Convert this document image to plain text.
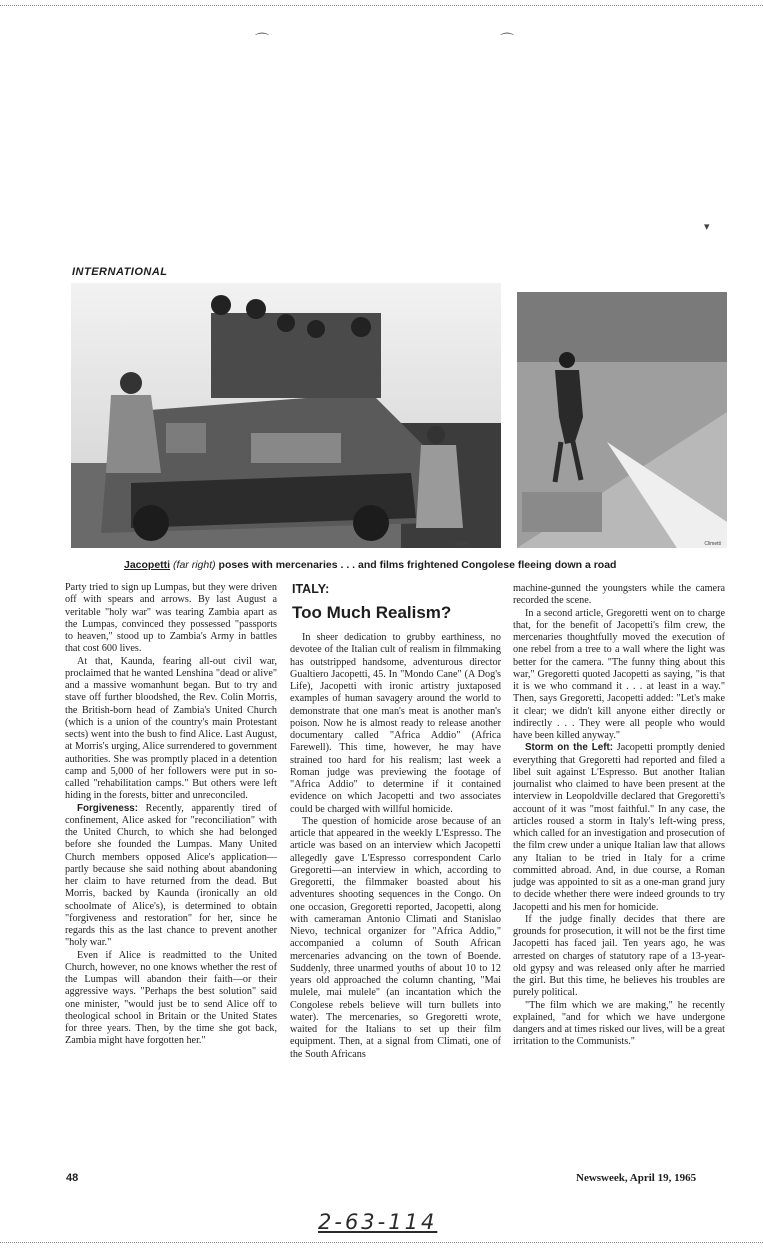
⌒	⌒
▾
INTERNATIONAL
Climetti	Climetti
Jacopetti (far right) poses with mercenaries . . . and films frightened Congolese fleeing down a road

Party tried to sign up Lumpas, but they were driven off with spears and arrows. By last August a veritable "holy war" was tearing Zambia apart as the Lumpas, convinced they possessed "passports to heaven," stood up to Zambia's Army in battles that cost 600 lives.

At that, Kaunda, fearing all-out civil war, proclaimed that he wanted Lenshina "dead or alive" and a massive womanhunt began. But to try and stave off further bloodshed, the Rev. Colin Morris, the British-born head of Zambia's United Church (which is a union of the country's main Protestant sects) went into the bush to find Alice. Last August, at Morris's urging, Alice surrendered to government authorities. She was promptly placed in a detention camp and 5,000 of her followers were put in so-called "rehabilitation camps." But others were left hiding in the forests, bitter and unreconciled.

Forgiveness: Recently, apparently tired of confinement, Alice asked for "reconciliation" with the United Church, to which she had belonged before she founded the Lumpas. Many United Church members opposed Alice's application—partly because she said nothing about abandoning her claim to have returned from the dead. But Morris, backed by Kaunda (ironically an old schoolmate of Alice's), is determined to obtain "forgiveness and restoration" for her, since he regards this as the last chance to prevent another "holy war."

Even if Alice is readmitted to the United Church, however, no one knows whether the rest of the Lumpas will abandon their faith—or their aggressive ways. "Perhaps the best solution" said one minister, "would just be to send Alice off to theological school in Britain or the United States for three years. Then, by the time she got back, Zambia might have forgotten her."

ITALY:
Too Much Realism?

In sheer dedication to grubby earthiness, no devotee of the Italian cult of realism in filmmaking has outstripped handsome, adventurous director Gualtiero Jacopetti, 45. In "Mondo Cane" (A Dog's Life), Jacopetti with ironic artistry juxtaposed examples of human savagery around the world to demonstrate that one man's meat is another man's poison. Now he is almost ready to release another documentary called "Africa Addio" (Africa Farewell). This time, however, he may have strained too hard for his realism; last week a Roman judge was previewing the footage of "Africa Addio" to determine if it contained evidence on which Jacopetti and two associates could be charged with willful homicide.

The question of homicide arose because of an article that appeared in the weekly L'Espresso. The article was based on an interview which Jacopetti allegedly gave L'Espresso correspondent Carlo Gregoretti—an interview in which, according to Gregoretti, the filmmaker boasted about his adventures shooting sequences in the Congo. On one occasion, Gregoretti reported, Jacopetti, along with cameraman Antonio Climati and Stanislao Nievo, technical organizer for "Africa Addio," accompanied a column of South African mercenaries advancing on the town of Boende. Suddenly, three unarmed youths of about 10 to 12 years old approached the column chanting, "Mai mulele, mai mulele" (an incantation which the Congolese rebels believe will turn bullets into water). The mercenaries, so Gregoretti wrote, waited for the Italians to set up their film equipment. Then, at a signal from Climati, one of the South Africans

machine-gunned the youngsters while the camera recorded the scene.

In a second article, Gregoretti went on to charge that, for the benefit of Jacopetti's film crew, the mercenaries thoughtfully moved the execution of one rebel from a tree to a wall where the light was better for the camera. "The funny thing about this war," Gregoretti quoted Jacopetti as saying, "is that it is we who command it . . . at least in a way." Then, says Gregoretti, Jacopetti added: "Let's make it clear; we didn't kill anyone either directly or indirectly . . . They were all people who would have been killed anyway."

Storm on the Left: Jacopetti promptly denied everything that Gregoretti had reported and filed a libel suit against L'Espresso. But another Italian journalist who claimed to have been present at the interview in Leopoldville declared that Gregoretti's account of it was "most faithful." In any case, the articles roused a storm in Italy's left-wing press, which called for an investigation and prosecution of the film crew under a unique Italian law that allows any Italian to be tried in Italy for a crime committed abroad. And, in due course, a Roman judge was appointed to sit as a one-man grand jury to decide whether there were indeed grounds to try Jacopetti and his men for homicide.

If the judge finally decides that there are grounds for prosecution, it will not be the first time Jacopetti has faced jail. Ten years ago, he was arrested on charges of statutory rape of a 13-year-old gypsy and was released only after he married the girl. But this time, he believes his troubles are purely political.

"The film which we are making," he recently explained, "and for which we have undergone dangers and at times risked our lives, will be a great irritation to the Communists."

48	Newsweek, April 19, 1965
2-63-114
